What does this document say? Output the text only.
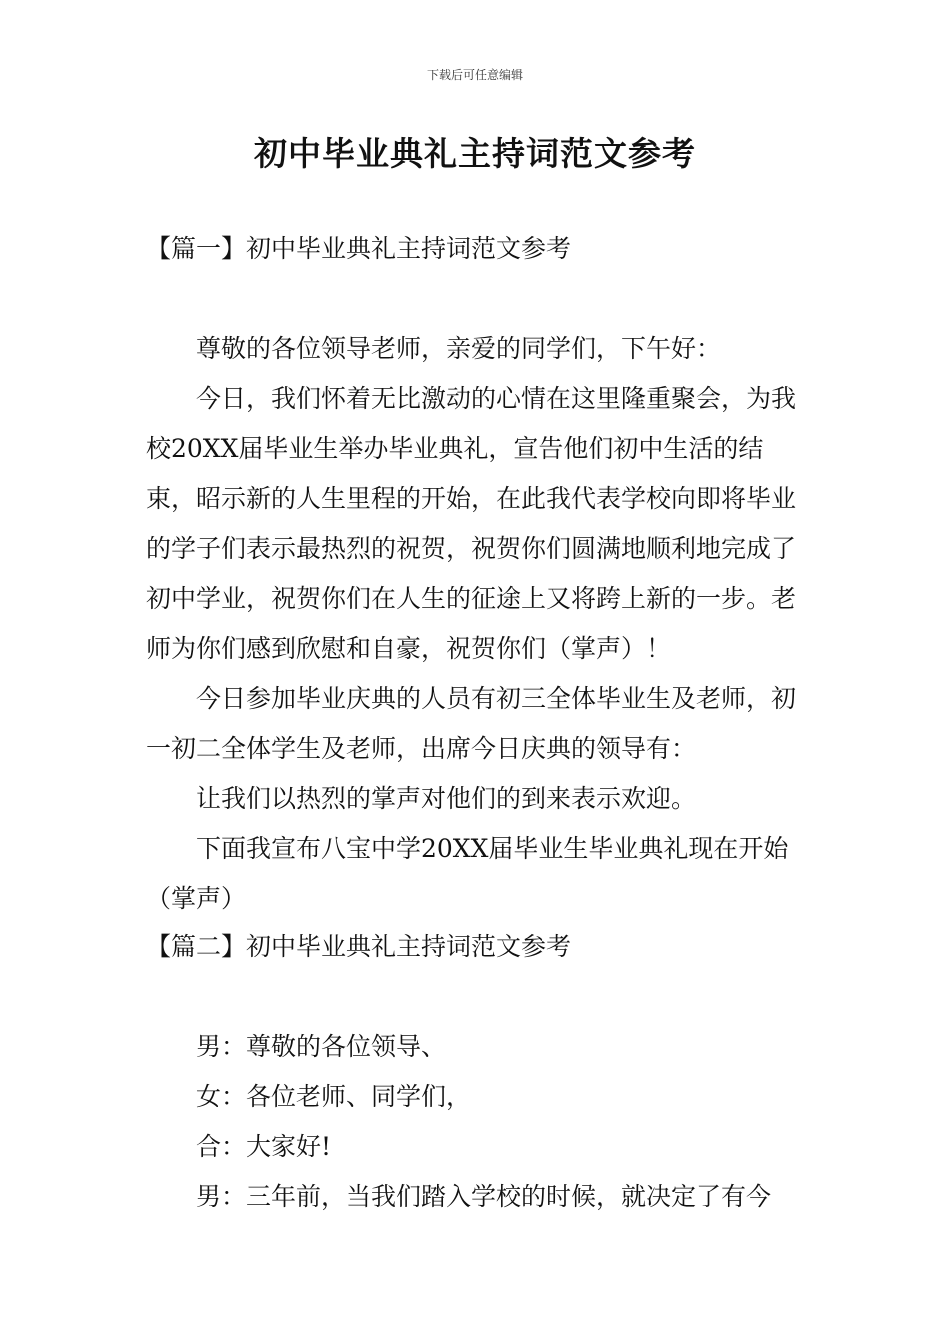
下载后可任意编辑
初中毕业典礼主持词范文参考
【篇一】初中毕业典礼主持词范文参考

尊敬的各位领导老师，亲爱的同学们，下午好：

今日，我们怀着无比激动的心情在这里隆重聚会，为我校20XX届毕业生举办毕业典礼，宣告他们初中生活的结束，昭示新的人生里程的开始，在此我代表学校向即将毕业的学子们表示最热烈的祝贺，祝贺你们圆满地顺利地完成了初中学业，祝贺你们在人生的征途上又将跨上新的一步。老师为你们感到欣慰和自豪，祝贺你们（掌声）！

今日参加毕业庆典的人员有初三全体毕业生及老师，初一初二全体学生及老师，出席今日庆典的领导有：

让我们以热烈的掌声对他们的到来表示欢迎。

下面我宣布八宝中学20XX届毕业生毕业典礼现在开始（掌声）

【篇二】初中毕业典礼主持词范文参考

男：尊敬的各位领导、

女：各位老师、同学们，

合：大家好!

男：三年前，当我们踏入学校的时候，就决定了有今
